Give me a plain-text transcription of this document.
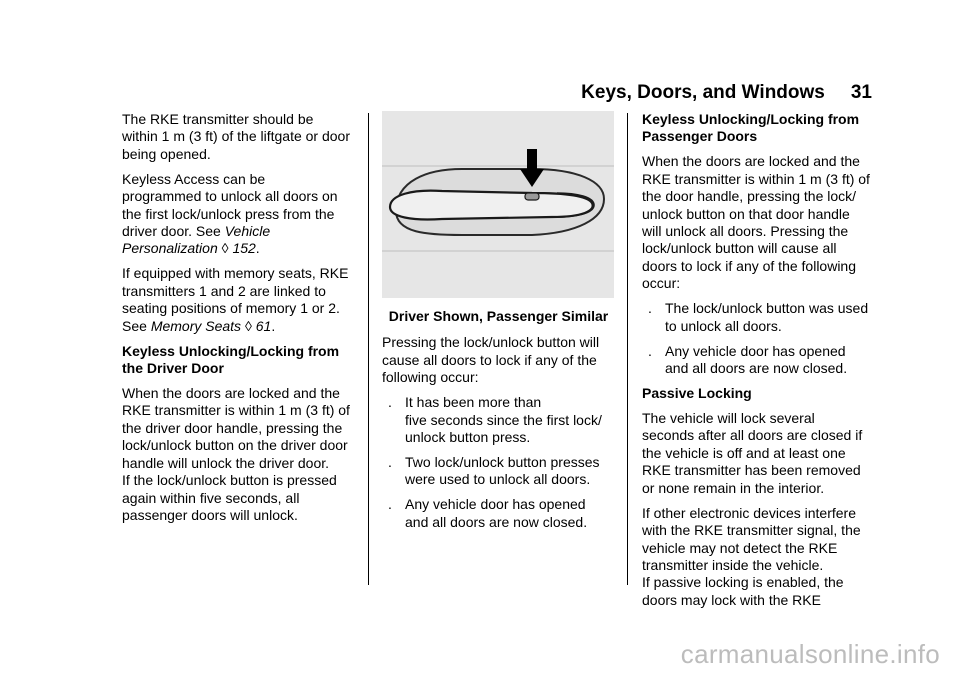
Keys, Doors, and Windows 31

The RKE transmitter should be
within 1 m (3 ft) of the liftgate or door
being opened.

Keyless Access can be
programmed to unlock all doors on
the first lock/unlock press from the
driver door. See Vehicle
Personalization ◊ 152.

If equipped with memory seats, RKE
transmitters 1 and 2 are linked to
seating positions of memory 1 or 2.
See Memory Seats ◊ 61.

Keyless Unlocking/Locking from
the Driver Door

When the doors are locked and the
RKE transmitter is within 1 m (3 ft) of
the driver door handle, pressing the
lock/unlock button on the driver door
handle will unlock the driver door.
If the lock/unlock button is pressed
again within five seconds, all
passenger doors will unlock.

Driver Shown, Passenger Similar

Pressing the lock/unlock button will
cause all doors to lock if any of the
following occur:

. It has been more than
five seconds since the first lock/
unlock button press.
. Two lock/unlock button presses
were used to unlock all doors.
. Any vehicle door has opened
and all doors are now closed.
Keyless Unlocking/Locking from
Passenger Doors

When the doors are locked and the
RKE transmitter is within 1 m (3 ft) of
the door handle, pressing the lock/
unlock button on that door handle
will unlock all doors. Pressing the
lock/unlock button will cause all
doors to lock if any of the following
occur:

. The lock/unlock button was used
to unlock all doors.
. Any vehicle door has opened
and all doors are now closed.
Passive Locking

The vehicle will lock several
seconds after all doors are closed if
the vehicle is off and at least one
RKE transmitter has been removed
or none remain in the interior.

If other electronic devices interfere
with the RKE transmitter signal, the
vehicle may not detect the RKE
transmitter inside the vehicle.
If passive locking is enabled, the
doors may lock with the RKE

carmanualsonline.info
